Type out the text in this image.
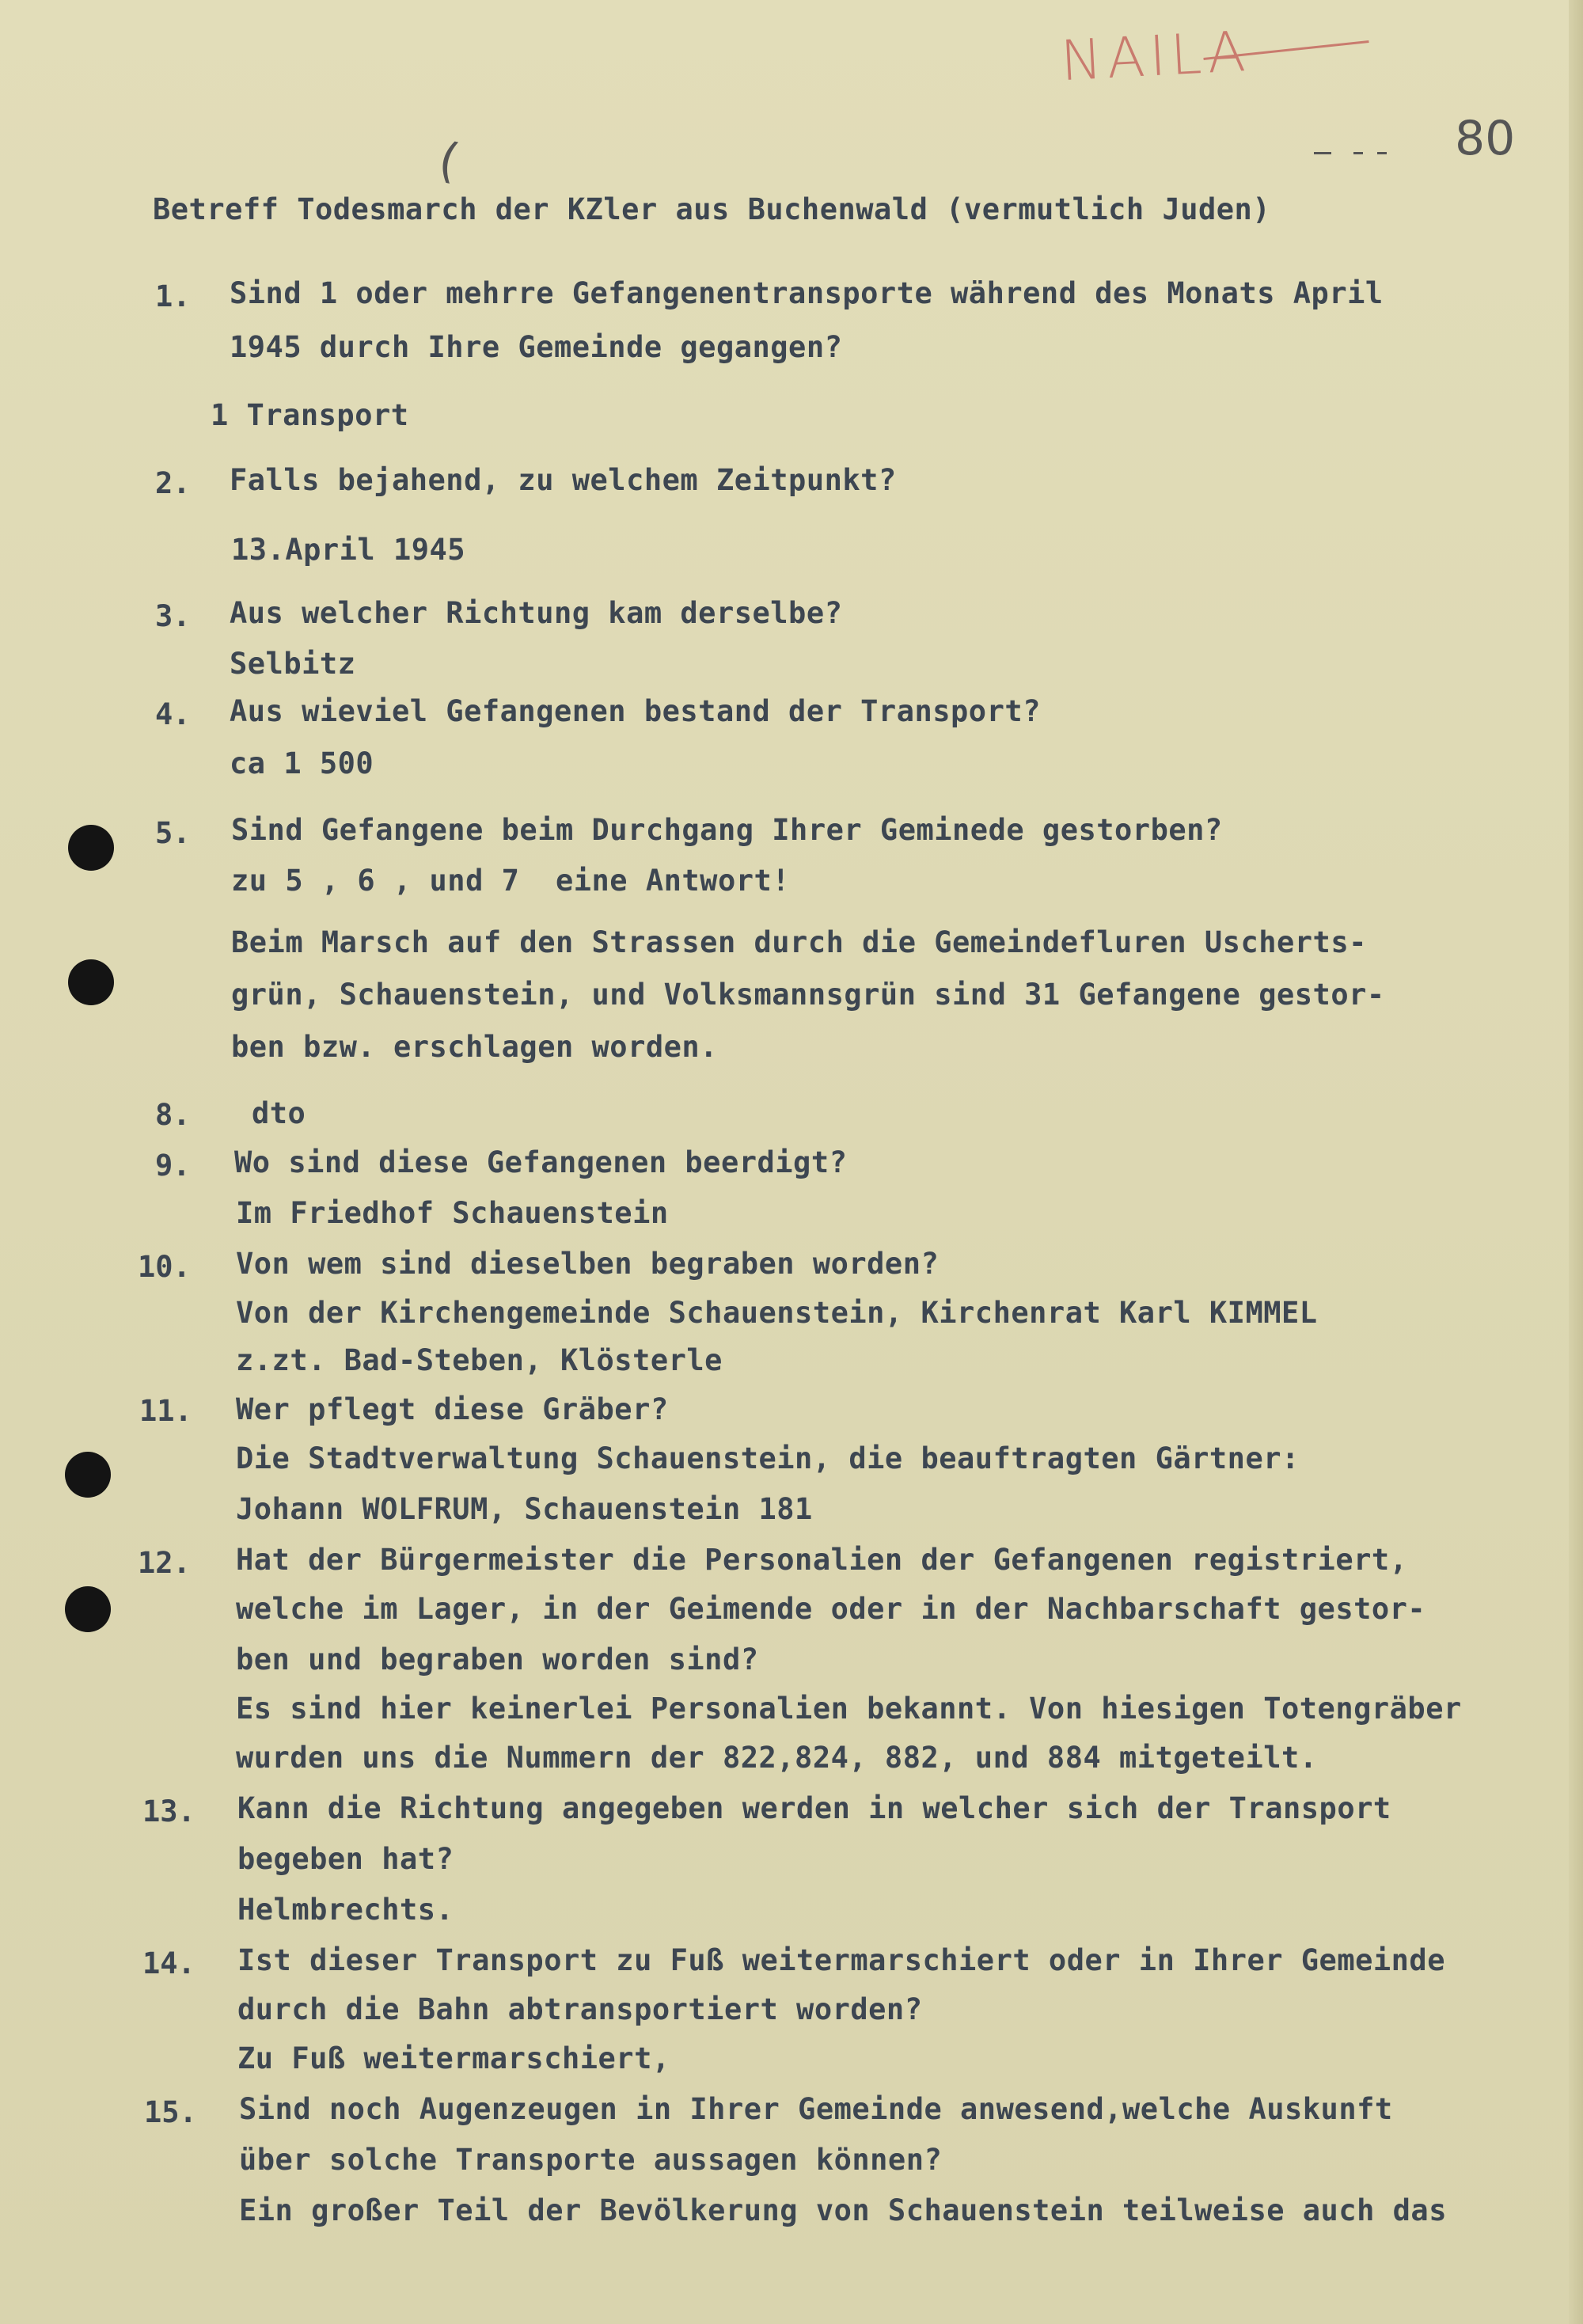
NAILA
80
(
Betreff Todesmarch der KZler aus Buchenwald (vermutlich Juden)
1. Sind 1 oder mehrre Gefangenentransporte während des Monats April
1945 durch Ihre Gemeinde gegangen?
1 Transport
2. Falls bejahend, zu welchem Zeitpunkt?
13.April 1945
3. Aus welcher Richtung kam derselbe?
Selbitz
4. Aus wieviel Gefangenen bestand der Transport?
ca 1 500
5. Sind Gefangene beim Durchgang Ihrer Geminede gestorben?
zu 5 , 6 , und 7  eine Antwort!
Beim Marsch auf den Strassen durch die Gemeindefluren Uscherts-
grün, Schauenstein, und Volksmannsgrün sind 31 Gefangene gestor-
ben bzw. erschlagen worden.
8. dto
9. Wo sind diese Gefangenen beerdigt?
Im Friedhof Schauenstein
10. Von wem sind dieselben begraben worden?
Von der Kirchengemeinde Schauenstein, Kirchenrat Karl KIMMEL
z.zt. Bad-Steben, Klösterle
11. Wer pflegt diese Gräber?
Die Stadtverwaltung Schauenstein, die beauftragten Gärtner:
Johann WOLFRUM, Schauenstein 181
12. Hat der Bürgermeister die Personalien der Gefangenen registriert,
welche im Lager, in der Geimende oder in der Nachbarschaft gestor-
ben und begraben worden sind?
Es sind hier keinerlei Personalien bekannt. Von hiesigen Totengräber
wurden uns die Nummern der 822,824, 882, und 884 mitgeteilt.
13. Kann die Richtung angegeben werden in welcher sich der Transport
begeben hat?
Helmbrechts.
14. Ist dieser Transport zu Fuß weitermarschiert oder in Ihrer Gemeinde
durch die Bahn abtransportiert worden?
Zu Fuß weitermarschiert,
15. Sind noch Augenzeugen in Ihrer Gemeinde anwesend,welche Auskunft
über solche Transporte aussagen können?
Ein großer Teil der Bevölkerung von Schauenstein teilweise auch das
